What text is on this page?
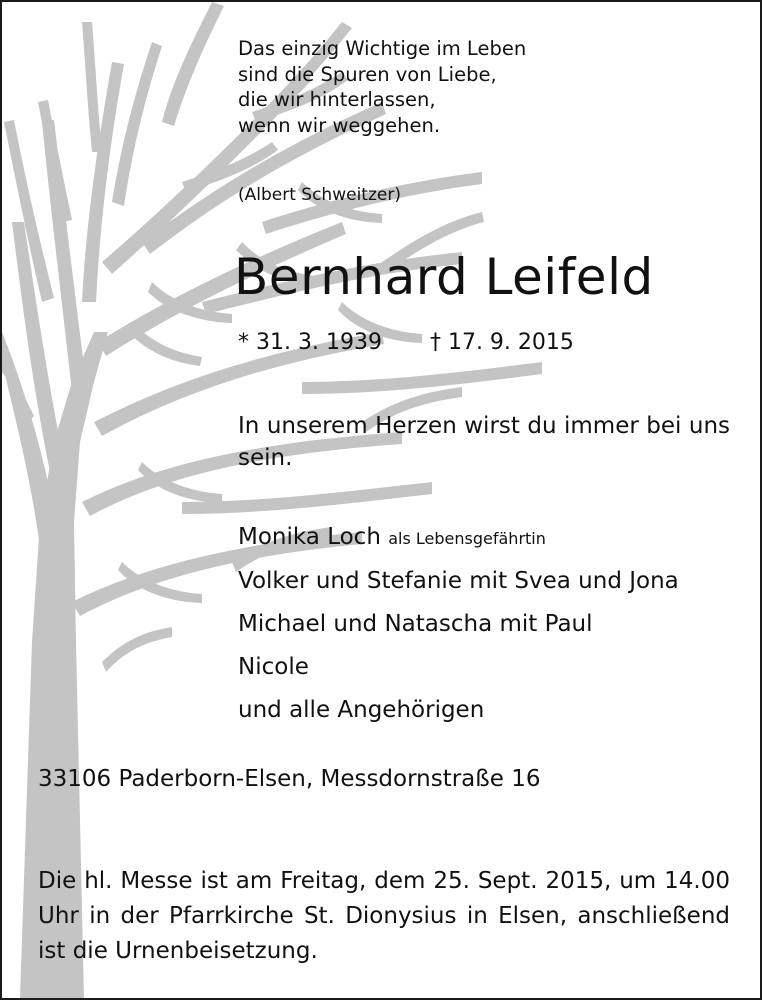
Das einzig Wichtige im Leben
sind die Spuren von Liebe,
die wir hinterlassen,
wenn wir weggehen.
(Albert Schweitzer)
Bernhard Leifeld
* 31. 3. 1939 † 17. 9. 2015
In unserem Herzen wirst du immer bei uns sein.
Monika Loch als Lebensgefährtin
Volker und Stefanie mit Svea und Jona
Michael und Natascha mit Paul
Nicole
und alle Angehörigen
33106 Paderborn-Elsen, Messdornstraße 16
Die hl. Messe ist am Freitag, dem 25. Sept. 2015, um 14.00 Uhr in der Pfarrkirche St. Dionysius in Elsen, anschließend ist die Urnenbeisetzung.
